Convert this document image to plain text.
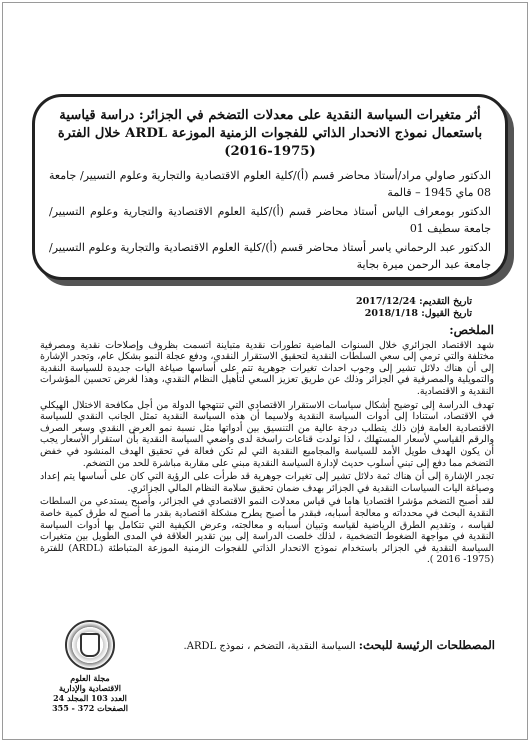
أثر متغيرات السياسة النقدية على معدلات التضخم في الجزائر: دراسة قياسية باستعمال نموذج الانحدار الذاتي للفجوات الزمنية الموزعة ARDL خلال الفترة (1975-2016)

الدكتور صاولي مراد/أستاذ محاضر قسم (أ)/كلية العلوم الاقتصادية والتجارية وعلوم التسيير/ جامعة 08 ماي 1945 – قالمة

الدكتور بومعراف الياس أستاذ محاضر قسم (أ)/كلية العلوم الاقتصادية والتجارية وعلوم التسيير/ جامعة سطيف 01

الدكتور عبد الرحماني ياسر أستاذ محاضر قسم (أ)/كلية العلوم الاقتصادية والتجارية وعلوم التسيير/ جامعة عبد الرحمن ميرة بجاية

تاريخ التقديم: 2017/12/24
تاريخ القبول: 2018/1/18
الملخص:

شهد الاقتصاد الجزائري خلال السنوات الماضية تطورات نقدية متباينة اتسمت بظروف وإصلاحات نقدية ومصرفية مختلفة والتي ترمي إلى سعي السلطات النقدية لتحقيق الاستقرار النقدي، ودفع عجلة النمو بشكل عام، وتجدر الإشارة إلى أن هناك دلائل تشير إلى وجوب احداث تغيرات جوهرية تتم على أساسها صياغة اليات جديدة للسياسة النقدية والتمويلية والمصرفية في الجزائر وذلك عن طريق تعزيز السعي لتأهيل النظام النقدي، وهذا لغرض تحسين المؤشرات النقدية و الاقتصادية.

تهدف الدراسة إلى توضيح أشكال سياسات الاستقرار الاقتصادي التي تنتهجها الدولة من أجل مكافحة الاختلال الهيكلي في الاقتصاد، استنادا إلى أدوات السياسة النقدية ولاسيما أن هذه السياسة النقدية تمثل الجانب النقدي للسياسة الاقتصادية العامة فإن ذلك يتطلب درجة عالية من التنسيق بين أدواتها مثل نسبة نمو العرض النقدي وسعر الصرف والرقم القياسي لأسعار المستهلك ، لذا تولدت قناعات راسخة لدى واضعي السياسة النقدية بأن استقرار الأسعار يجب أن يكون الهدف طويل الأمد للسياسة والمجاميع النقدية التي لم تكن فعالة في تحقيق الهدف المنشود في خفض التضخم مما دفع إلى تبني أسلوب حديث لإدارة السياسة النقدية مبني على مقاربة مباشرة للحد من التضخم.

تجدر الإشارة إلى أن هناك ثمة دلائل تشير إلى تغيرات جوهرية قد طرأت على الرؤية التي كان على أساسها يتم إعداد وصياغة اليات السياسات النقدية في الجزائر بهدف ضمان تحقيق سلامة النظام المالي الجزائري.

لقد أصبح التضخم مؤشرا اقتصاديا هاما في قياس معدلات النمو الاقتصادي في الجزائر، وأصبح يستدعي من السلطات النقدية البحث في محدداته و معالجة أسبابه، فبقدر ما أصبح يطرح مشكلة اقتصادية بقدر ما أصبح له طرق كمية خاصة لقياسه ، وتقديم الطرق الرياضية لقياسه وتبيان أسبابه و معالجته، وعرض الكيفية التي تتكامل بها أدوات السياسة النقدية في مواجهة الضغوط التضخمية ، لذلك خلصت الدراسة إلى بين تقدير العلاقة في المدى الطويل بين متغيرات السياسة النقدية في الجزائر باستخدام نموذج الانحدار الذاتي للفجوات الزمنية الموزعة المتباطئة (ARDL) للفترة (1975- 2016 ).

المصطلحات الرئيسة للبحث: السياسة النقدية، التضخم ، نموذج ARDL.
مجلة العلوم
الاقتصادية والإدارية
العدد 103 المجلد 24
الصفحات 372 - 355
